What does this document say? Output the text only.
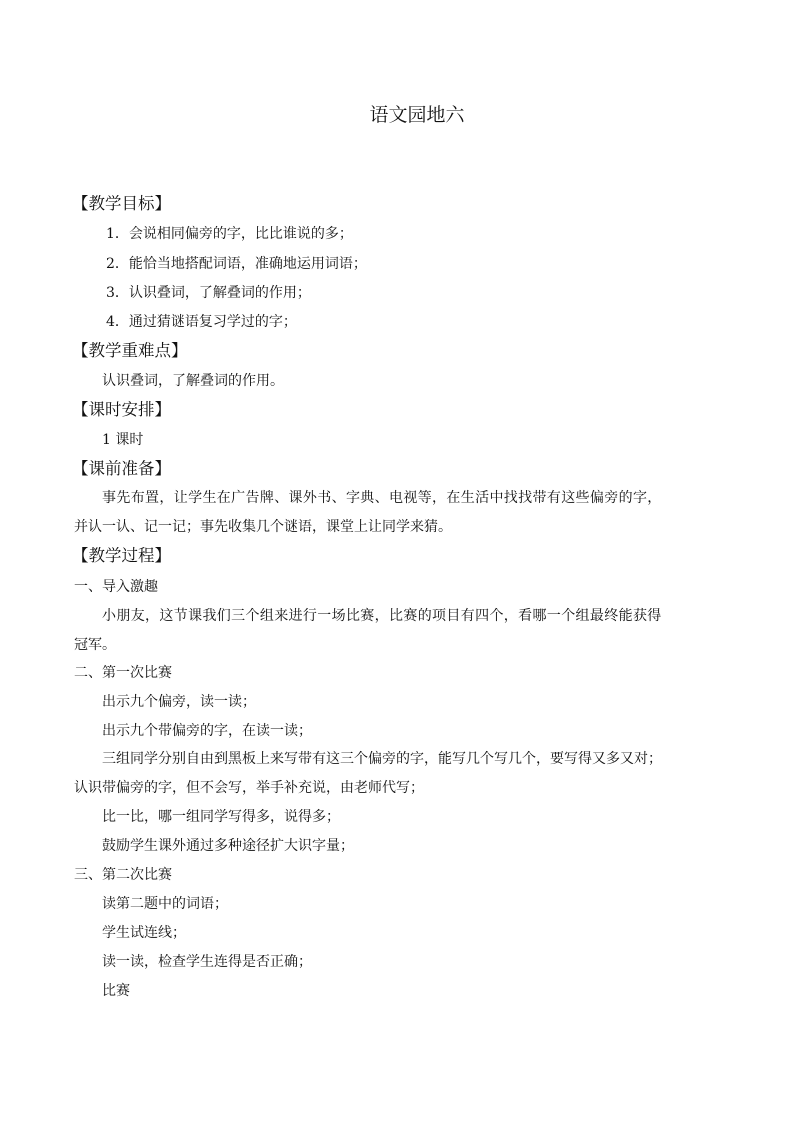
语文园地六
【教学目标】
1．会说相同偏旁的字，比比谁说的多；
2．能恰当地搭配词语，准确地运用词语；
3．认识叠词，了解叠词的作用；
4．通过猜谜语复习学过的字；
【教学重难点】
认识叠词，了解叠词的作用。
【课时安排】
1 课时
【课前准备】
事先布置，让学生在广告牌、课外书、字典、电视等，在生活中找找带有这些偏旁的字，
并认一认、记一记；事先收集几个谜语，课堂上让同学来猜。
【教学过程】
一、导入激趣
小朋友，这节课我们三个组来进行一场比赛，比赛的项目有四个，看哪一个组最终能获得
冠军。
二、第一次比赛
出示九个偏旁，读一读；
出示九个带偏旁的字，在读一读；
三组同学分别自由到黑板上来写带有这三个偏旁的字，能写几个写几个，要写得又多又对；
认识带偏旁的字，但不会写，举手补充说，由老师代写；
比一比，哪一组同学写得多，说得多；
鼓励学生课外通过多种途径扩大识字量；
三、第二次比赛
读第二题中的词语；
学生试连线；
读一读，检查学生连得是否正确；
比赛
